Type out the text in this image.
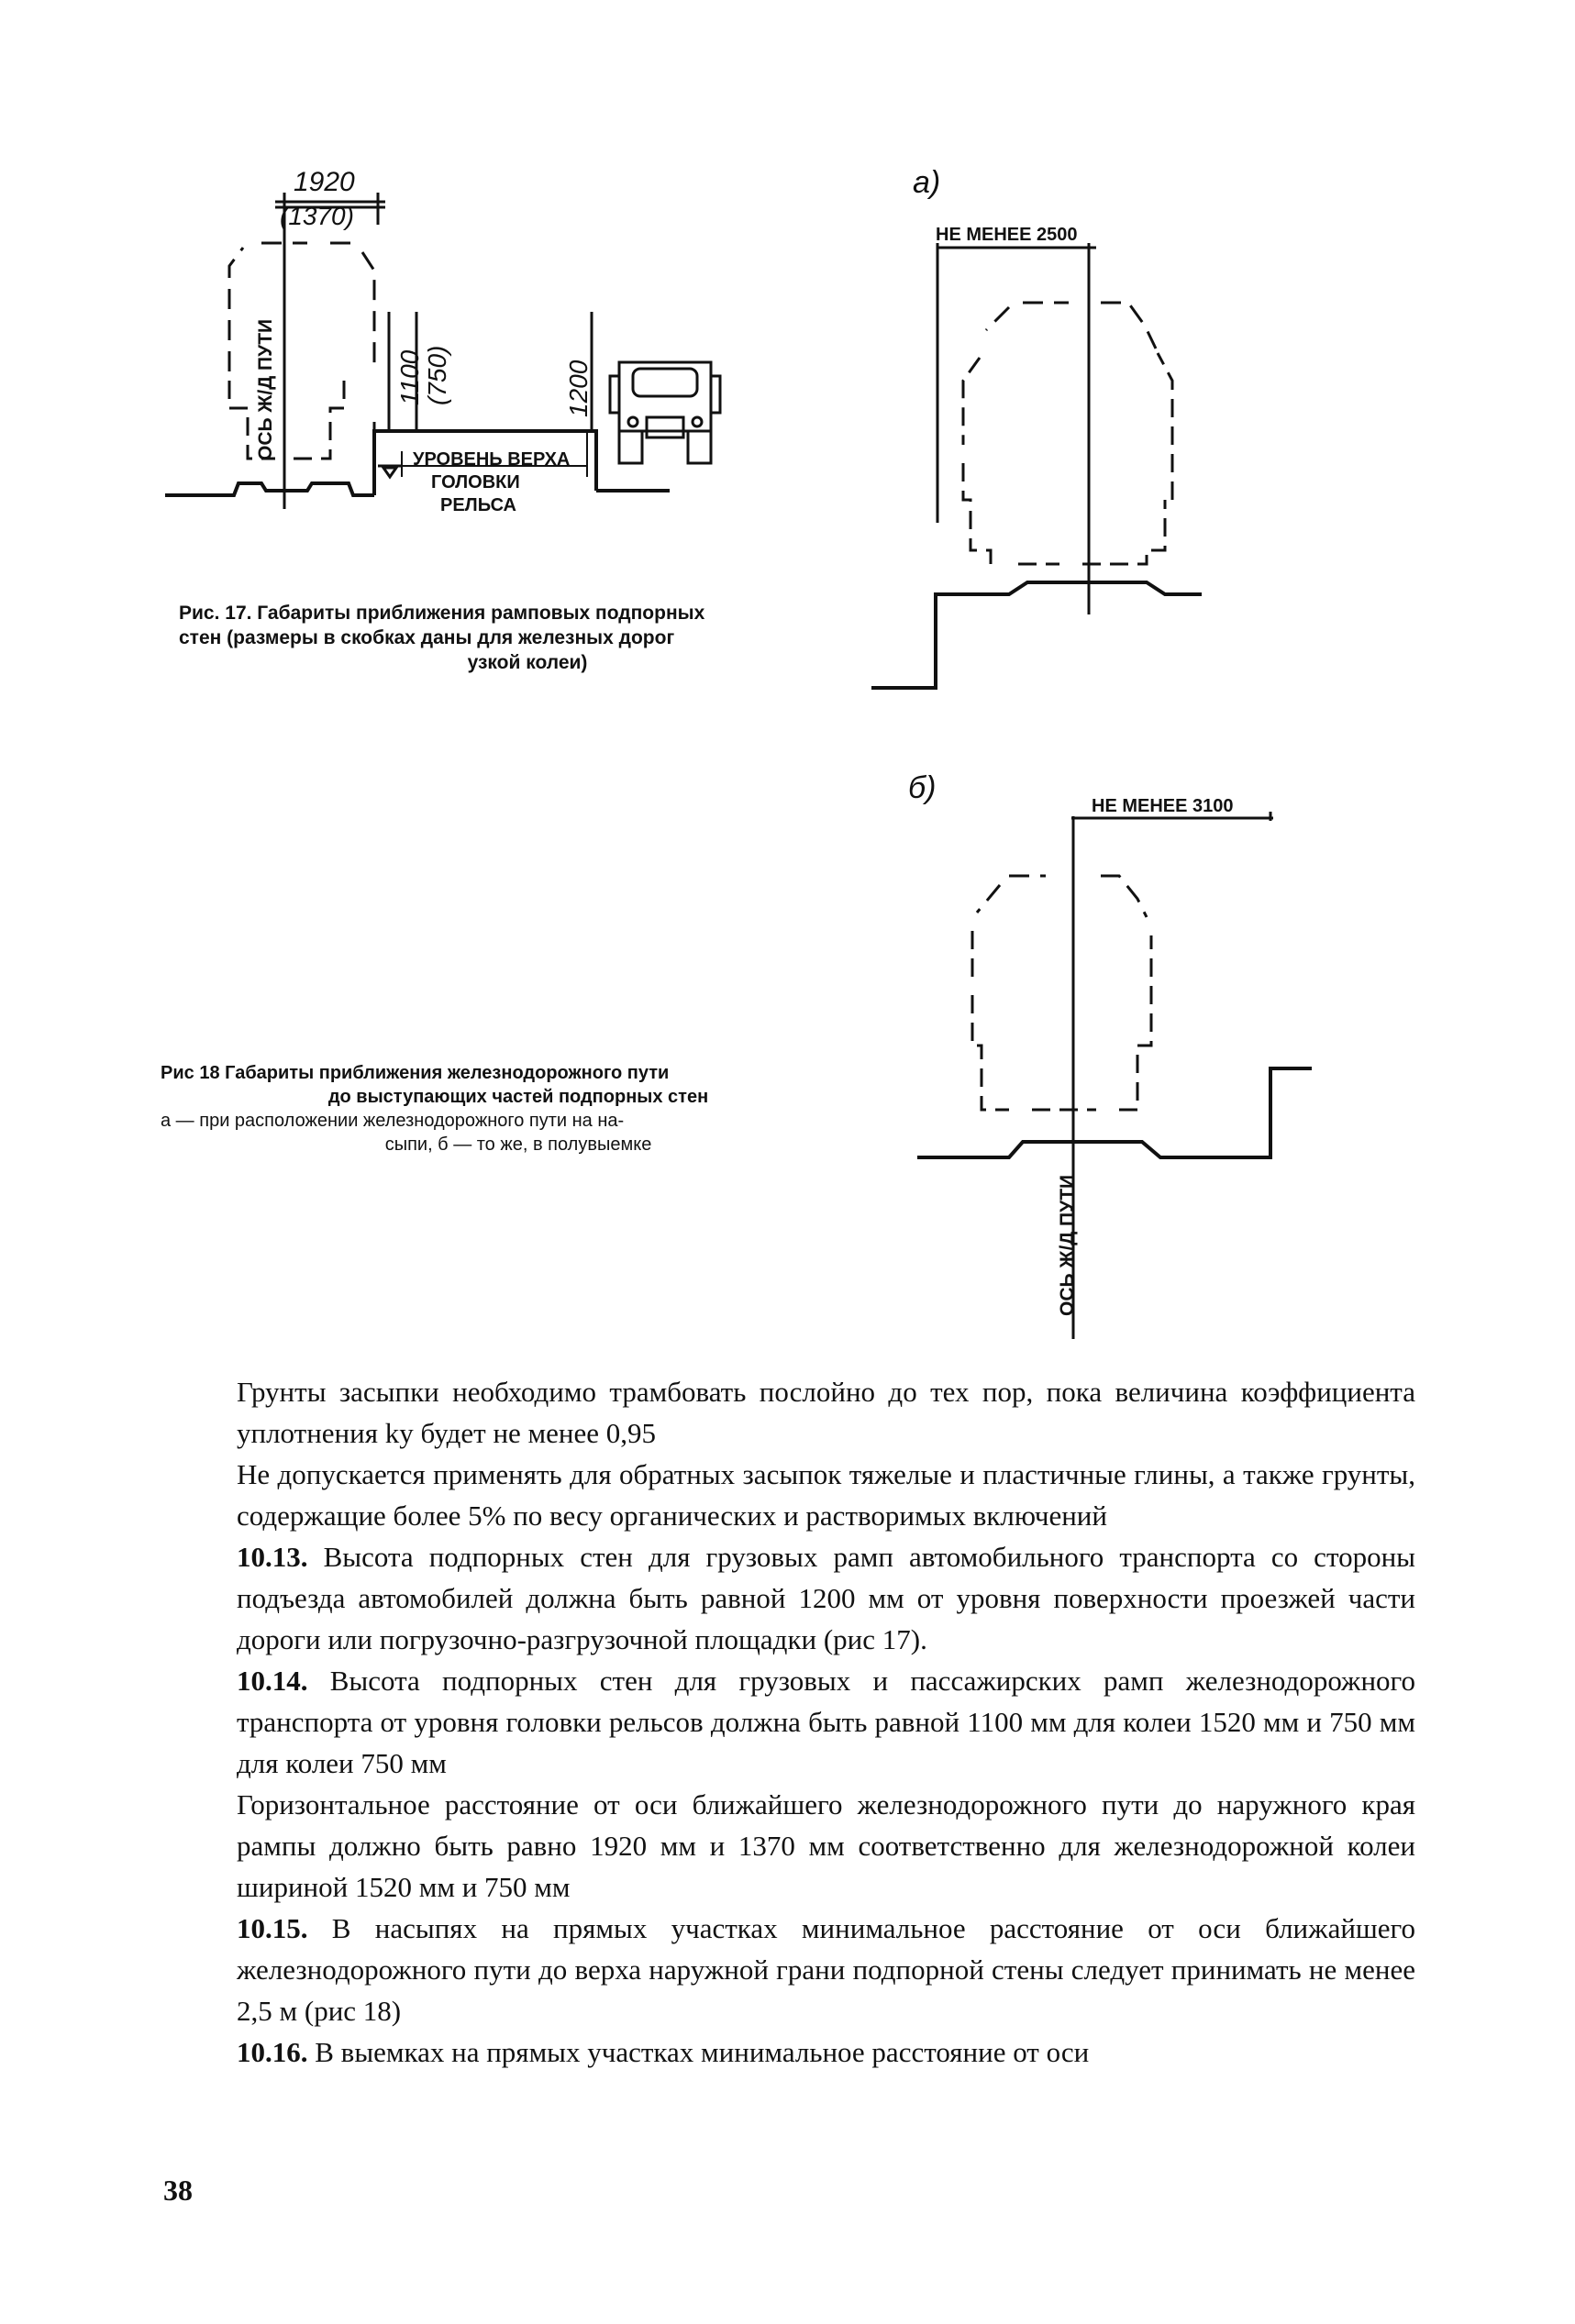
1920
(1370)
ОСЬ Ж/Д ПУТИ	1100 (750)	1200
УРОВЕНЬ ВЕРХА
ГОЛОВКИ
РЕЛЬСА
Рис. 17. Габариты приближения рамповых подпорных
стен (размеры в скобках даны для железных дорог
узкой колеи)
а)
НЕ МЕНЕЕ 2500
б)
НЕ МЕНЕЕ 3100
ОСЬ Ж/Д ПУТИ
Рис 18 Габариты приближения железнодорожного пути
до выступающих частей подпорных стен
а — при расположении железнодорожного пути на на-
сыпи, б — то же, в полувыемке

Грунты засыпки необходимо трамбовать послойно до тех пор, пока величина коэффициента уплотнения kу будет не менее 0,95

Не допускается применять для обратных засыпок тяжелые и пластичные глины, а также грунты, содержащие более 5% по весу органических и растворимых включений

10.13. Высота подпорных стен для грузовых рамп автомобильного транспорта со стороны подъезда автомобилей должна быть равной 1200 мм от уровня поверхности проезжей части дороги или погрузочно-разгрузочной площадки (рис 17).

10.14. Высота подпорных стен для грузовых и пассажирских рамп железнодорожного транспорта от уровня головки рельсов должна быть равной 1100 мм для колеи 1520 мм и 750 мм для колеи 750 мм

Горизонтальное расстояние от оси ближайшего железнодорожного пути до наружного края рампы должно быть равно 1920 мм и 1370 мм соответственно для железнодорожной колеи шириной 1520 мм и 750 мм

10.15. В насыпях на прямых участках минимальное расстояние от оси ближайшего железнодорожного пути до верха наружной грани подпорной стены следует принимать не менее 2,5 м (рис 18)

10.16. В выемках на прямых участках минимальное расстояние от оси

38
